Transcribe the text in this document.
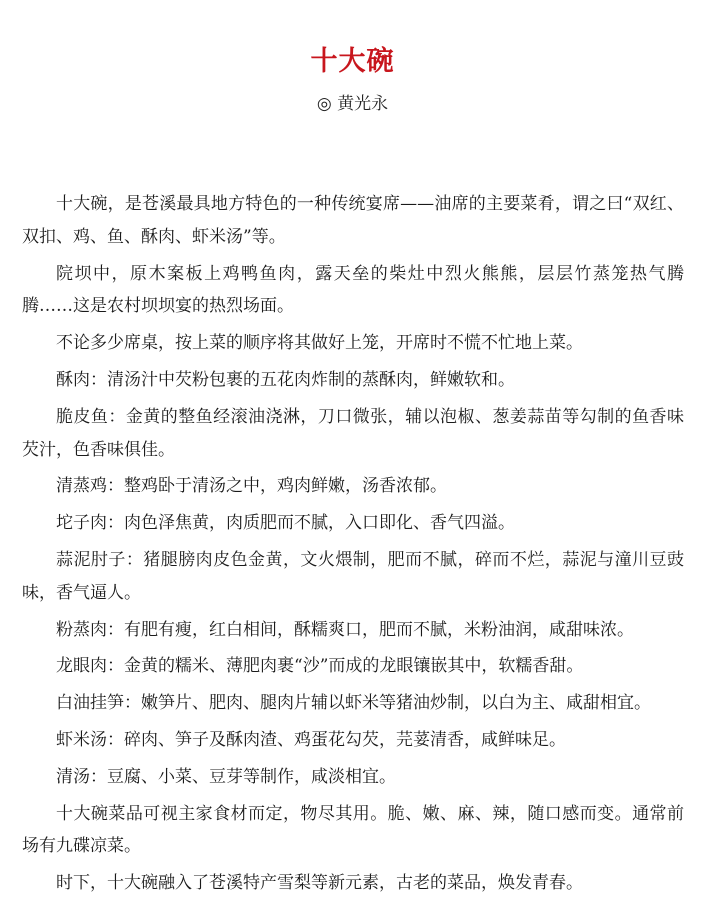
十大碗
◎ 黄光永

十大碗，是苍溪最具地方特色的一种传统宴席——油席的主要菜肴，谓之曰“双红、双扣、鸡、鱼、酥肉、虾米汤”等。

院坝中，原木案板上鸡鸭鱼肉，露天垒的柴灶中烈火熊熊，层层竹蒸笼热气腾腾……这是农村坝坝宴的热烈场面。

不论多少席桌，按上菜的顺序将其做好上笼，开席时不慌不忙地上菜。

酥肉：清汤汁中芡粉包裹的五花肉炸制的蒸酥肉，鲜嫩软和。

脆皮鱼：金黄的整鱼经滚油浇淋，刀口微张，辅以泡椒、葱姜蒜苗等勾制的鱼香味芡汁，色香味俱佳。

清蒸鸡：整鸡卧于清汤之中，鸡肉鲜嫩，汤香浓郁。

坨子肉：肉色泽焦黄，肉质肥而不腻，入口即化、香气四溢。

蒜泥肘子：猪腿膀肉皮色金黄，文火煨制，肥而不腻，碎而不烂，蒜泥与潼川豆豉味，香气逼人。

粉蒸肉：有肥有瘦，红白相间，酥糯爽口，肥而不腻，米粉油润，咸甜味浓。

龙眼肉：金黄的糯米、薄肥肉裹“沙”而成的龙眼镶嵌其中，软糯香甜。

白油挂笋：嫩笋片、肥肉、腿肉片辅以虾米等猪油炒制，以白为主、咸甜相宜。

虾米汤：碎肉、笋子及酥肉渣、鸡蛋花勾芡，芫荽清香，咸鲜味足。

清汤：豆腐、小菜、豆芽等制作，咸淡相宜。

十大碗菜品可视主家食材而定，物尽其用。脆、嫩、麻、辣，随口感而变。通常前场有九碟凉菜。

时下，十大碗融入了苍溪特产雪梨等新元素，古老的菜品，焕发青春。
